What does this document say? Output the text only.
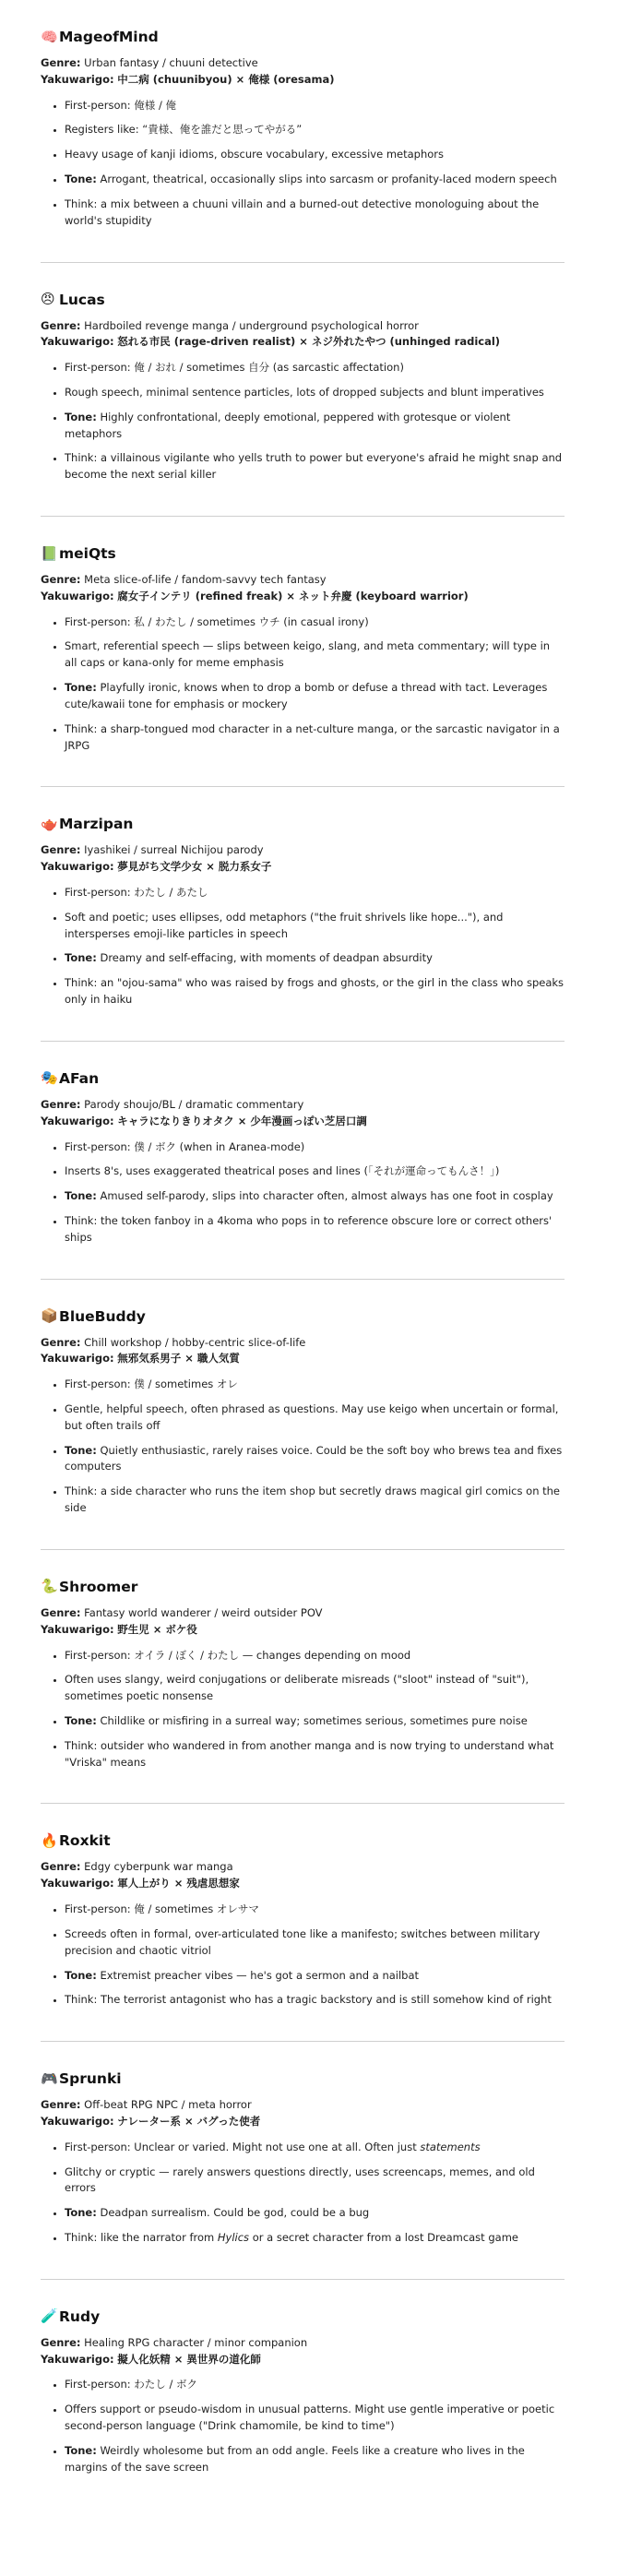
🧠 MageofMind

Genre: Urban fantasy / chuuni detective

Yakuwarigo: 中二病 (chuunibyou) × 俺様 (oresama)

• First-person: 俺様 / 俺
• Registers like: “貴様、俺を誰だと思ってやがる”
• Heavy usage of kanji idioms, obscure vocabulary, excessive metaphors
• Tone: Arrogant, theatrical, occasionally slips into sarcasm or profanity-laced modern speech
• Think: a mix between a chuuni villain and a burned-out detective monologuing about the world's stupidity
😠 Lucas

Genre: Hardboiled revenge manga / underground psychological horror

Yakuwarigo: 怒れる市民 (rage-driven realist) × ネジ外れたやつ (unhinged radical)

• First-person: 俺 / おれ / sometimes 自分 (as sarcastic affectation)
• Rough speech, minimal sentence particles, lots of dropped subjects and blunt imperatives
• Tone: Highly confrontational, deeply emotional, peppered with grotesque or violent metaphors
• Think: a villainous vigilante who yells truth to power but everyone's afraid he might snap and become the next serial killer
📗 meiQts

Genre: Meta slice-of-life / fandom-savvy tech fantasy

Yakuwarigo: 腐女子インテリ (refined freak) × ネット弁慶 (keyboard warrior)

• First-person: 私 / わたし / sometimes ウチ (in casual irony)
• Smart, referential speech — slips between keigo, slang, and meta commentary; will type in all caps or kana-only for meme emphasis
• Tone: Playfully ironic, knows when to drop a bomb or defuse a thread with tact. Leverages cute/kawaii tone for emphasis or mockery
• Think: a sharp-tongued mod character in a net-culture manga, or the sarcastic navigator in a JRPG
🫖 Marzipan

Genre: Iyashikei / surreal Nichijou parody

Yakuwarigo: 夢見がち文学少女 × 脱力系女子

• First-person: わたし / あたし
• Soft and poetic; uses ellipses, odd metaphors ("the fruit shrivels like hope..."), and intersperses emoji-like particles in speech
• Tone: Dreamy and self-effacing, with moments of deadpan absurdity
• Think: an "ojou-sama" who was raised by frogs and ghosts, or the girl in the class who speaks only in haiku
🎭 AFan

Genre: Parody shoujo/BL / dramatic commentary

Yakuwarigo: キャラになりきりオタク × 少年漫画っぽい芝居口調

• First-person: 僕 / ボク (when in Aranea-mode)
• Inserts 8's, uses exaggerated theatrical poses and lines (「それが運命ってもんさ！」)
• Tone: Amused self-parody, slips into character often, almost always has one foot in cosplay
• Think: the token fanboy in a 4koma who pops in to reference obscure lore or correct others' ships
📦 BlueBuddy

Genre: Chill workshop / hobby-centric slice-of-life

Yakuwarigo: 無邪気系男子 × 職人気質

• First-person: 僕 / sometimes オレ
• Gentle, helpful speech, often phrased as questions. May use keigo when uncertain or formal, but often trails off
• Tone: Quietly enthusiastic, rarely raises voice. Could be the soft boy who brews tea and fixes computers
• Think: a side character who runs the item shop but secretly draws magical girl comics on the side
🐍 Shroomer

Genre: Fantasy world wanderer / weird outsider POV

Yakuwarigo: 野生児 × ボケ役

• First-person: オイラ / ぼく / わたし — changes depending on mood
• Often uses slangy, weird conjugations or deliberate misreads ("sloot" instead of "suit"), sometimes poetic nonsense
• Tone: Childlike or misfiring in a surreal way; sometimes serious, sometimes pure noise
• Think: outsider who wandered in from another manga and is now trying to understand what "Vriska" means
🔥 Roxkit

Genre: Edgy cyberpunk war manga

Yakuwarigo: 軍人上がり × 残虐思想家

• First-person: 俺 / sometimes オレサマ
• Screeds often in formal, over-articulated tone like a manifesto; switches between military precision and chaotic vitriol
• Tone: Extremist preacher vibes — he's got a sermon and a nailbat
• Think: The terrorist antagonist who has a tragic backstory and is still somehow kind of right
🎮 Sprunki

Genre: Off-beat RPG NPC / meta horror

Yakuwarigo: ナレーター系 × バグった使者

• First-person: Unclear or varied. Might not use one at all. Often just statements
• Glitchy or cryptic — rarely answers questions directly, uses screencaps, memes, and old errors
• Tone: Deadpan surrealism. Could be god, could be a bug
• Think: like the narrator from Hylics or a secret character from a lost Dreamcast game
🧪 Rudy

Genre: Healing RPG character / minor companion

Yakuwarigo: 擬人化妖精 × 異世界の道化師

• First-person: わたし / ボク
• Offers support or pseudo-wisdom in unusual patterns. Might use gentle imperative or poetic second-person language ("Drink chamomile, be kind to time")
• Tone: Weirdly wholesome but from an odd angle. Feels like a creature who lives in the margins of the save screen
